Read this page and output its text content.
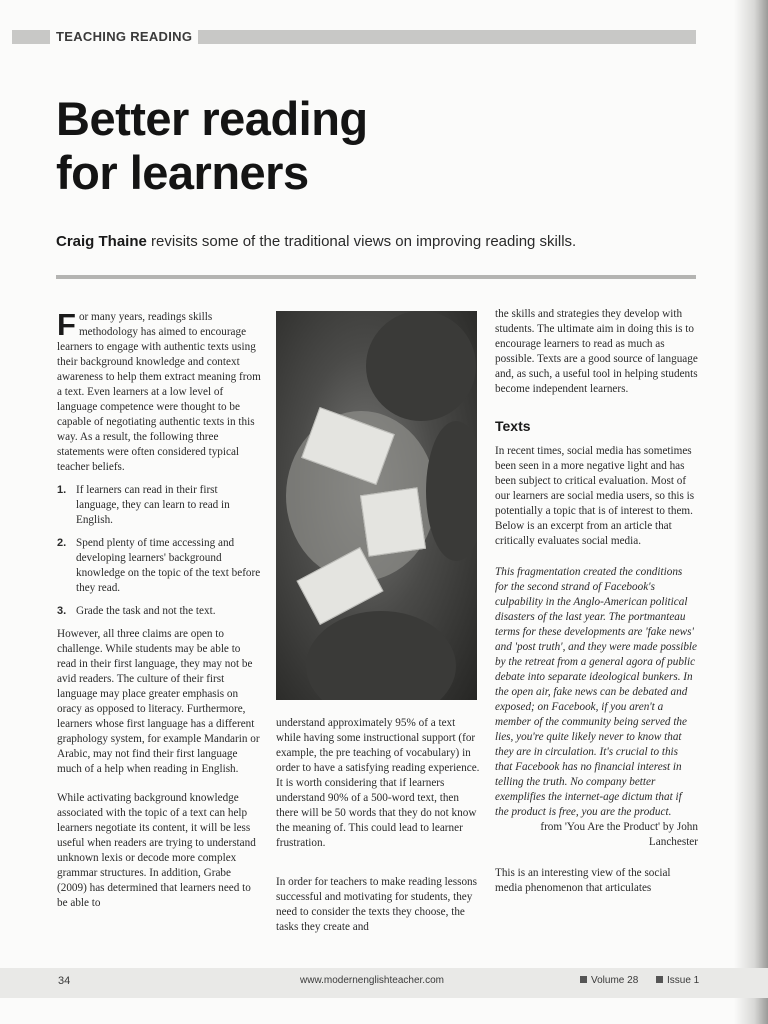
TEACHING READING
Better reading
for learners

Craig Thaine revisits some of the traditional views on improving reading skills.

For many years, readings skills methodology has aimed to encourage learners to engage with authentic texts using their background knowledge and context awareness to help them extract meaning from a text. Even learners at a low level of language competence were thought to be capable of negotiating authentic texts in this way. As a result, the following three statements were often considered typical teacher beliefs.

1. If learners can read in their first language, they can learn to read in English.
2. Spend plenty of time accessing and developing learners' background knowledge on the topic of the text before they read.
3. Grade the task and not the text.

However, all three claims are open to challenge. While students may be able to read in their first language, they may not be avid readers. The culture of their first language may place greater emphasis on oracy as opposed to literacy. Furthermore, learners whose first language has a different graphology system, for example Mandarin or Arabic, may not find their first language much of a help when reading in English.

While activating background knowledge associated with the topic of a text can help learners negotiate its content, it will be less useful when readers are trying to understand unknown lexis or decode more complex grammar structures. In addition, Grabe (2009) has determined that learners need to be able to

understand approximately 95% of a text while having some instructional support (for example, the pre teaching of vocabulary) in order to have a satisfying reading experience. It is worth considering that if learners understand 90% of a 500-word text, then there will be 50 words that they do not know the meaning of. This could lead to learner frustration.

In order for teachers to make reading lessons successful and motivating for students, they need to consider the texts they choose, the tasks they create and

the skills and strategies they develop with students. The ultimate aim in doing this is to encourage learners to read as much as possible. Texts are a good source of language and, as such, a useful tool in helping students become independent learners.

Texts

In recent times, social media has sometimes been seen in a more negative light and has been subject to critical evaluation. Most of our learners are social media users, so this is potentially a topic that is of interest to them. Below is an excerpt from an article that critically evaluates social media.

This fragmentation created the conditions for the second strand of Facebook's culpability in the Anglo-American political disasters of the last year. The portmanteau terms for these developments are 'fake news' and 'post truth', and they were made possible by the retreat from a general agora of public debate into separate ideological bunkers. In the open air, fake news can be debated and exposed; on Facebook, if you aren't a member of the community being served the lies, you're quite likely never to know that they are in circulation. It's crucial to this that Facebook has no financial interest in telling the truth. No company better exemplifies the internet-age dictum that if the product is free, you are the product.

from 'You Are the Product' by John Lanchester

This is an interesting view of the social media phenomenon that articulates

34	www.modernenglishteacher.com	Volume 28	Issue 1
